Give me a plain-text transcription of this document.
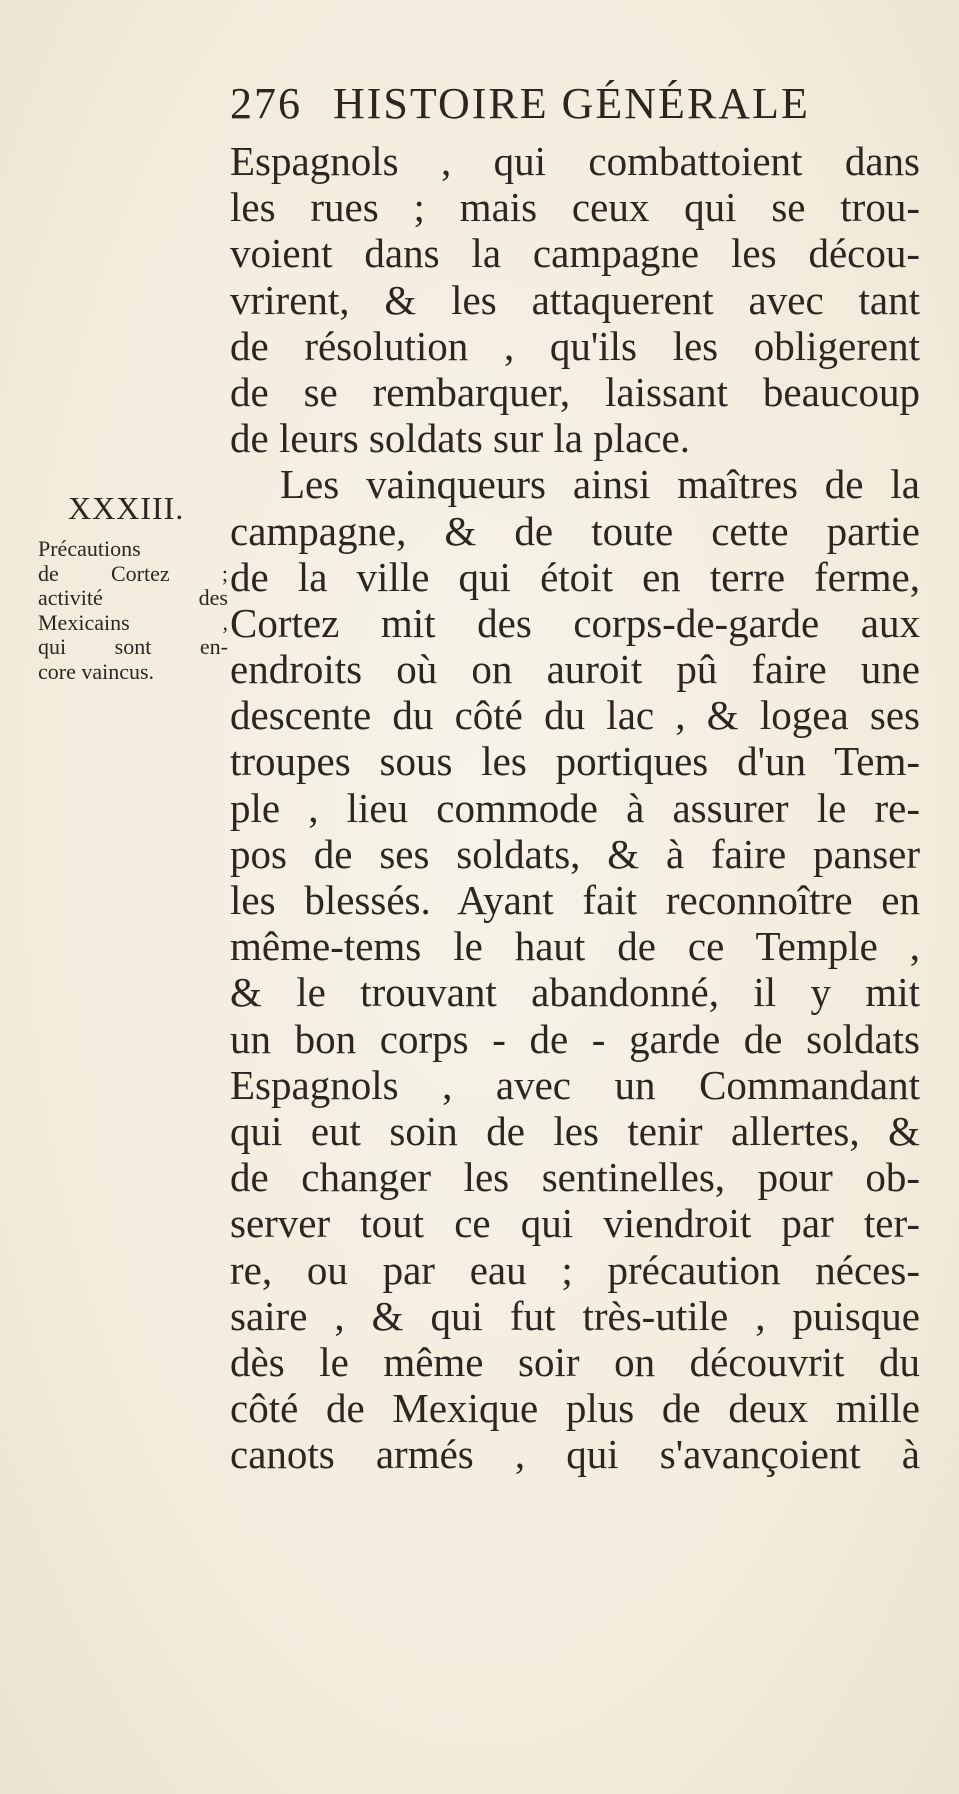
276 HISTOIRE GÉNÉRALE
XXXIII.
Précautions
de Cortez ;
activité des
Mexicains ,
qui sont en-
core vaincus.
Espagnols , qui combattoient dans
les rues ; mais ceux qui se trou-
voient dans la campagne les décou-
vrirent, & les attaquerent avec tant
de résolution , qu'ils les obligerent
de se rembarquer, laissant beaucoup
de leurs soldats sur la place.
Les vainqueurs ainsi maîtres de la
campagne, & de toute cette partie
de la ville qui étoit en terre ferme,
Cortez mit des corps-de-garde aux
endroits où on auroit pû faire une
descente du côté du lac , & logea ses
troupes sous les portiques d'un Tem-
ple , lieu commode à assurer le re-
pos de ses soldats, & à faire panser
les blessés. Ayant fait reconnoître en
même-tems le haut de ce Temple ,
& le trouvant abandonné, il y mit
un bon corps - de - garde de soldats
Espagnols , avec un Commandant
qui eut soin de les tenir allertes, &
de changer les sentinelles, pour ob-
server tout ce qui viendroit par ter-
re, ou par eau ; précaution néces-
saire , & qui fut très-utile , puisque
dès le même soir on découvrit du
côté de Mexique plus de deux mille
canots armés , qui s'avançoient à
